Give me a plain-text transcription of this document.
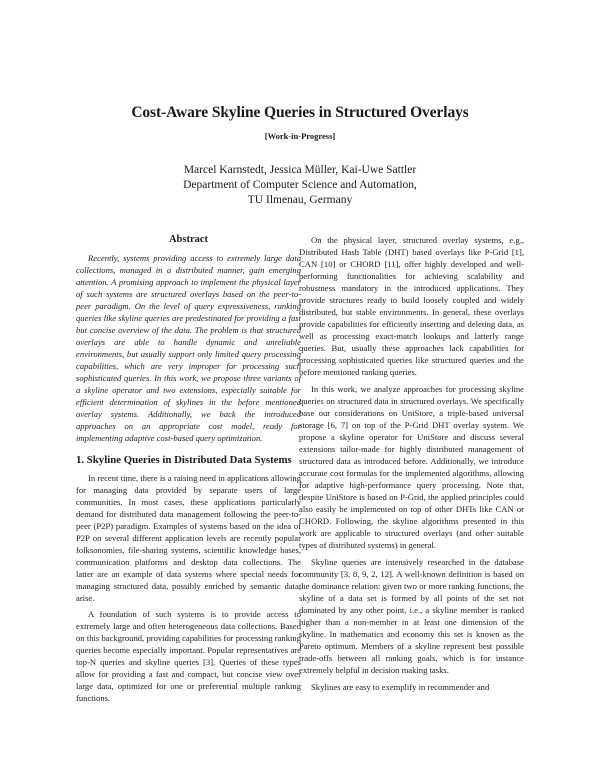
Cost-Aware Skyline Queries in Structured Overlays
[Work-in-Progress]
Marcel Karnstedt, Jessica Müller, Kai-Uwe Sattler
Department of Computer Science and Automation,
TU Ilmenau, Germany
Abstract

Recently, systems providing access to extremely large data collections, managed in a distributed manner, gain emerging attention. A promising approach to implement the physical layer of such systems are structured overlays based on the peer-to-peer paradigm. On the level of query expressiveness, ranking queries like skyline queries are predestinated for providing a fast but concise overview of the data. The problem is that structured overlays are able to handle dynamic and unreliable environments, but usually support only limited query processing capabilities, which are very improper for processing such sophisticated queries. In this work, we propose three variants of a skyline operator and two extensions, especially suitable for efficient determination of skylines in the before mentioned overlay systems. Additionally, we back the introduced approaches on an appropriate cost model, ready for implementing adaptive cost-based query optimization.

1. Skyline Queries in Distributed Data Systems

In recent time, there is a raising need in applications allowing for managing data provided by separate users of large communities. In most cases, these applications particularly demand for distributed data management following the peer-to-peer (P2P) paradigm. Examples of systems based on the idea of P2P on several different application levels are recently popular folksonomies, file-sharing systems, scientific knowledge bases, communication platforms and desktop data collections. The latter are an example of data systems where special needs for managing structured data, possibly enriched by semantic data, arise.

A foundation of such systems is to provide access to extremely large and often heterogeneous data collections. Based on this background, providing capabilities for processing ranking queries become especially important. Popular representatives are top-N queries and skyline queries [3]. Queries of these types allow for providing a fast and compact, but concise view over large data, optimized for one or preferential multiple ranking functions.

On the physical layer, structured overlay systems, e.g., Distributed Hash Table (DHT) based overlays like P-Grid [1], CAN [10] or CHORD [11], offer highly developed and well-performing functionalities for achieving scalability and robustness mandatory in the introduced applications. They provide structures ready to build loosely coupled and widely distributed, but stable environments. In general, these overlays provide capabilities for efficiently inserting and deleting data, as well as processing exact-match lookups and latterly range queries. But, usually these approaches lack capabilities for processing sophisticated queries like structured queries and the before mentioned ranking queries.

In this work, we analyze approaches for processing skyline queries on structured data in structured overlays. We specifically base our considerations on UniStore, a triple-based universal storage [6, 7] on top of the P-Grid DHT overlay system. We propose a skyline operator for UniStore and discuss several extensions tailor-made for highly distributed management of structured data as introduced before. Additionally, we introduce accurate cost formulas for the implemented algorithms, allowing for adaptive high-performance query processing. Note that, despite UniStore is based on P-Grid, the applied principles could also easily be implemented on top of other DHTs like CAN or CHORD. Following, the skyline algorithms presented in this work are applicable to structured overlays (and other suitable types of distributed systems) in general.

Skyline queries are intensively researched in the database community [3, 8, 9, 2, 12]. A well-known definition is based on the dominance relation: given two or more ranking functions, the skyline of a data set is formed by all points of the set not dominated by any other point, i.e., a skyline member is ranked higher than a non-member in at least one dimension of the skyline. In mathematics and economy this set is known as the Pareto optimum. Members of a skyline represent best possible trade-offs between all ranking goals, which is for instance extremely helpful in decision making tasks.

Skylines are easy to exemplify in recommender and
